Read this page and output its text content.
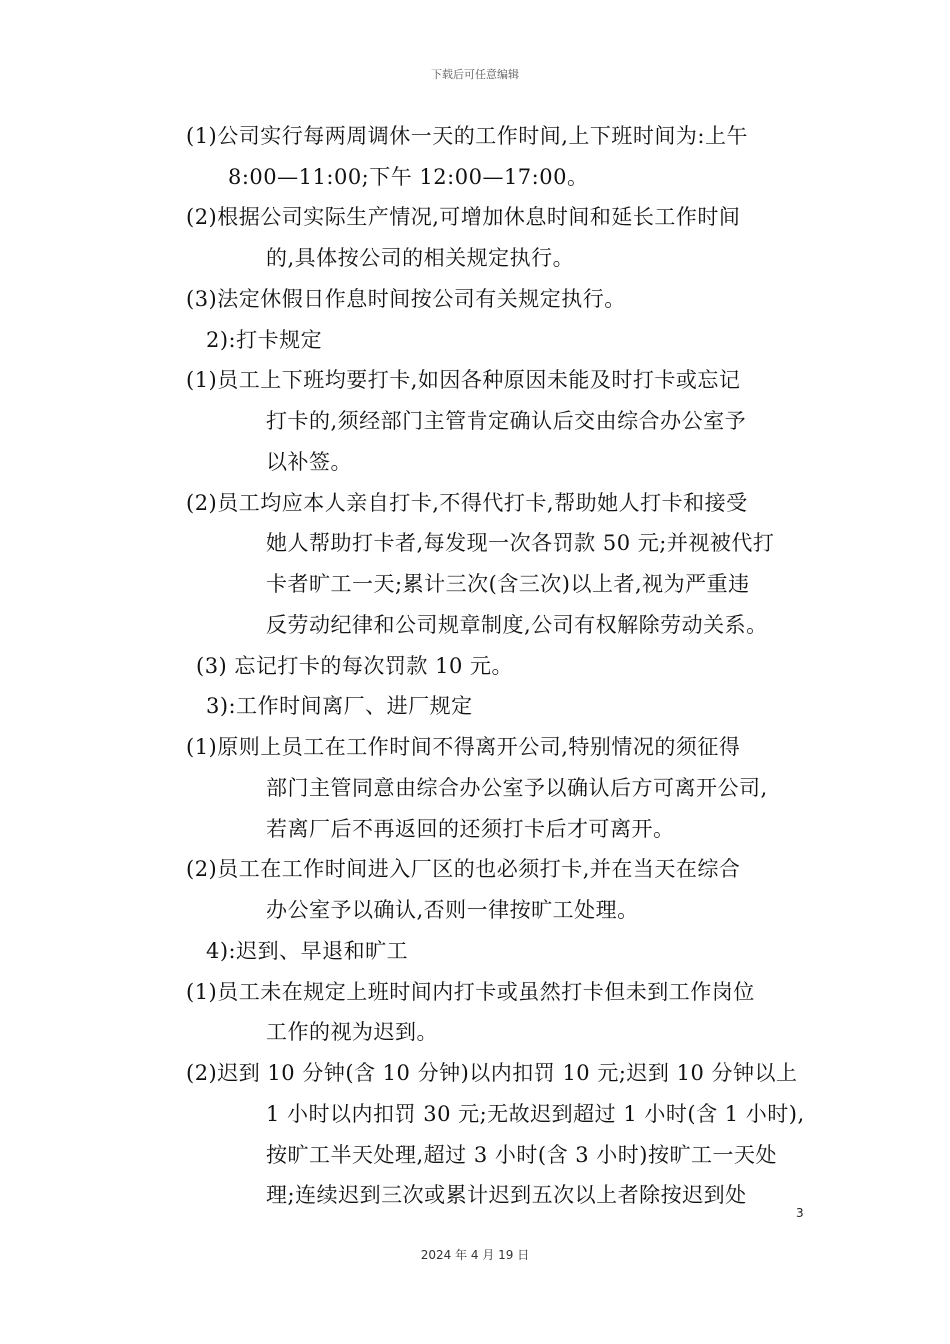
下载后可任意编辑
(1)公司实行每两周调休一天的工作时间,上下班时间为:上午
8:00—11:00;下午 12:00—17:00。
(2)根据公司实际生产情况,可增加休息时间和延长工作时间
的,具体按公司的相关规定执行。
(3)法定休假日作息时间按公司有关规定执行。
2):打卡规定
(1)员工上下班均要打卡,如因各种原因未能及时打卡或忘记
打卡的,须经部门主管肯定确认后交由综合办公室予
以补签。
(2)员工均应本人亲自打卡,不得代打卡,帮助她人打卡和接受
她人帮助打卡者,每发现一次各罚款 50 元;并视被代打
卡者旷工一天;累计三次(含三次)以上者,视为严重违
反劳动纪律和公司规章制度,公司有权解除劳动关系。
(3) 忘记打卡的每次罚款 10 元。
3):工作时间离厂、进厂规定
(1)原则上员工在工作时间不得离开公司,特别情况的须征得
部门主管同意由综合办公室予以确认后方可离开公司,
若离厂后不再返回的还须打卡后才可离开。
(2)员工在工作时间进入厂区的也必须打卡,并在当天在综合
办公室予以确认,否则一律按旷工处理。
4):迟到、早退和旷工
(1)员工未在规定上班时间内打卡或虽然打卡但未到工作岗位
工作的视为迟到。
(2)迟到 10 分钟(含 10 分钟)以内扣罚 10 元;迟到 10 分钟以上
1 小时以内扣罚 30 元;无故迟到超过 1 小时(含 1 小时),
按旷工半天处理,超过 3 小时(含 3 小时)按旷工一天处
理;连续迟到三次或累计迟到五次以上者除按迟到处
3
2024 年 4 月 19 日
